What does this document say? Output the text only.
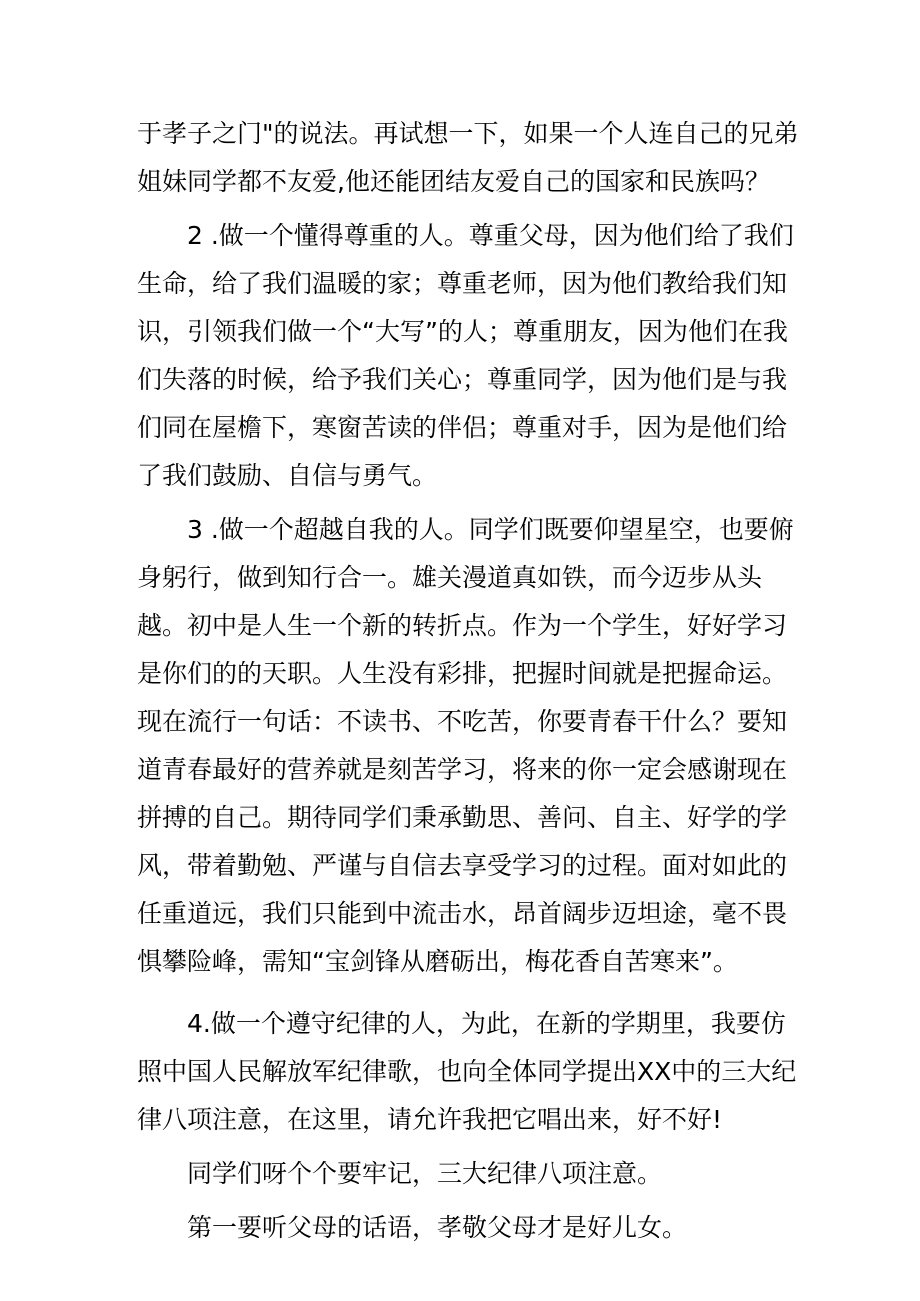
于孝子之门"的说法。再试想一下，如果一个人连自己的兄弟姐妹同学都不友爱,他还能团结友爱自己的国家和民族吗？

2 .做一个懂得尊重的人。尊重父母，因为他们给了我们生命，给了我们温暖的家；尊重老师，因为他们教给我们知识，引领我们做一个“大写”的人；尊重朋友，因为他们在我们失落的时候，给予我们关心；尊重同学，因为他们是与我们同在屋檐下，寒窗苦读的伴侣；尊重对手，因为是他们给了我们鼓励、自信与勇气。

3 .做一个超越自我的人。同学们既要仰望星空，也要俯身躬行，做到知行合一。雄关漫道真如铁，而今迈步从头越。初中是人生一个新的转折点。作为一个学生，好好学习是你们的的天职。人生没有彩排，把握时间就是把握命运。现在流行一句话：不读书、不吃苦，你要青春干什么？要知道青春最好的营养就是刻苦学习，将来的你一定会感谢现在拼搏的自己。期待同学们秉承勤思、善问、自主、好学的学风，带着勤勉、严谨与自信去享受学习的过程。面对如此的任重道远，我们只能到中流击水，昂首阔步迈坦途，毫不畏惧攀险峰，需知“宝剑锋从磨砺出，梅花香自苦寒来”。

4.做一个遵守纪律的人，为此，在新的学期里，我要仿照中国人民解放军纪律歌，也向全体同学提出XX中的三大纪律八项注意，在这里，请允许我把它唱出来，好不好!

同学们呀个个要牢记，三大纪律八项注意。

第一要听父母的话语，孝敬父母才是好儿女。
